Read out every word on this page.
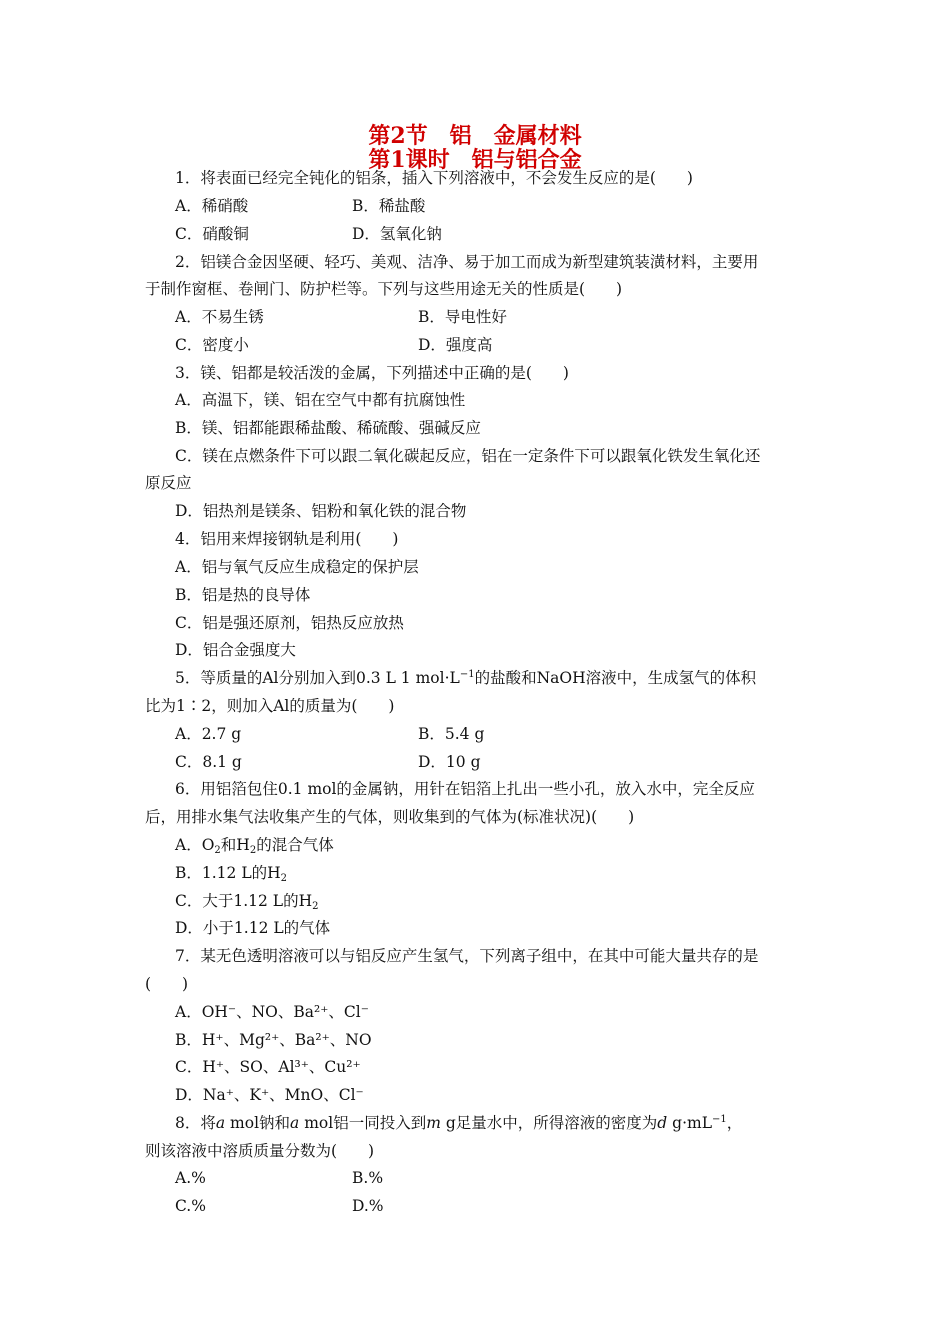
第2节　铝　金属材料
第1课时　铝与铝合金
1．将表面已经完全钝化的铝条，插入下列溶液中，不会发生反应的是(　　)
A．稀硝酸	B．稀盐酸
C．硝酸铜	D．氢氧化钠
2．铝镁合金因坚硬、轻巧、美观、洁净、易于加工而成为新型建筑装潢材料，主要用
于制作窗框、卷闸门、防护栏等。下列与这些用途无关的性质是(　　)
A．不易生锈	B．导电性好
C．密度小	D．强度高
3．镁、铝都是较活泼的金属，下列描述中正确的是(　　)
A．高温下，镁、铝在空气中都有抗腐蚀性
B．镁、铝都能跟稀盐酸、稀硫酸、强碱反应
C．镁在点燃条件下可以跟二氧化碳起反应，铝在一定条件下可以跟氧化铁发生氧化还
原反应
D．铝热剂是镁条、铝粉和氧化铁的混合物
4．铝用来焊接钢轨是利用(　　)
A．铝与氧气反应生成稳定的保护层
B．铝是热的良导体
C．铝是强还原剂，铝热反应放热
D．铝合金强度大
5．等质量的Al分别加入到0.3 L 1 $mol\cdot L^{-1}$的盐酸和NaOH溶液中，生成氢气的体积
比为1∶2，则加入Al的质量为(　　)
A．2.7 g	B．5.4 g
C．8.1 g	D．10 g
6．用铝箔包住0.1 mol的金属钠，用针在铝箔上扎出一些小孔，放入水中，完全反应
后，用排水集气法收集产生的气体，则收集到的气体为(标准状况)(　　)
A．$O_2$和$H_2$的混合气体
B．1.12 L的$H_2$
C．大于1.12 L的$H_2$
D．小于1.12 L的气体
7．某无色透明溶液可以与铝反应产生氢气，下列离子组中，在其中可能大量共存的是
(　　)
A．OH⁻、NO、Ba²⁺、Cl⁻
B．H⁺、Mg²⁺、Ba²⁺、NO
C．H⁺、SO、Al³⁺、Cu²⁺
D．Na⁺、K⁺、MnO、Cl⁻
8．将a mol钠和a mol铝一同投入到m g足量水中，所得溶液的密度为d $g\cdot mL^{-1}$，
则该溶液中溶质质量分数为(　　)
A.%	B.%
C.%	D.%
